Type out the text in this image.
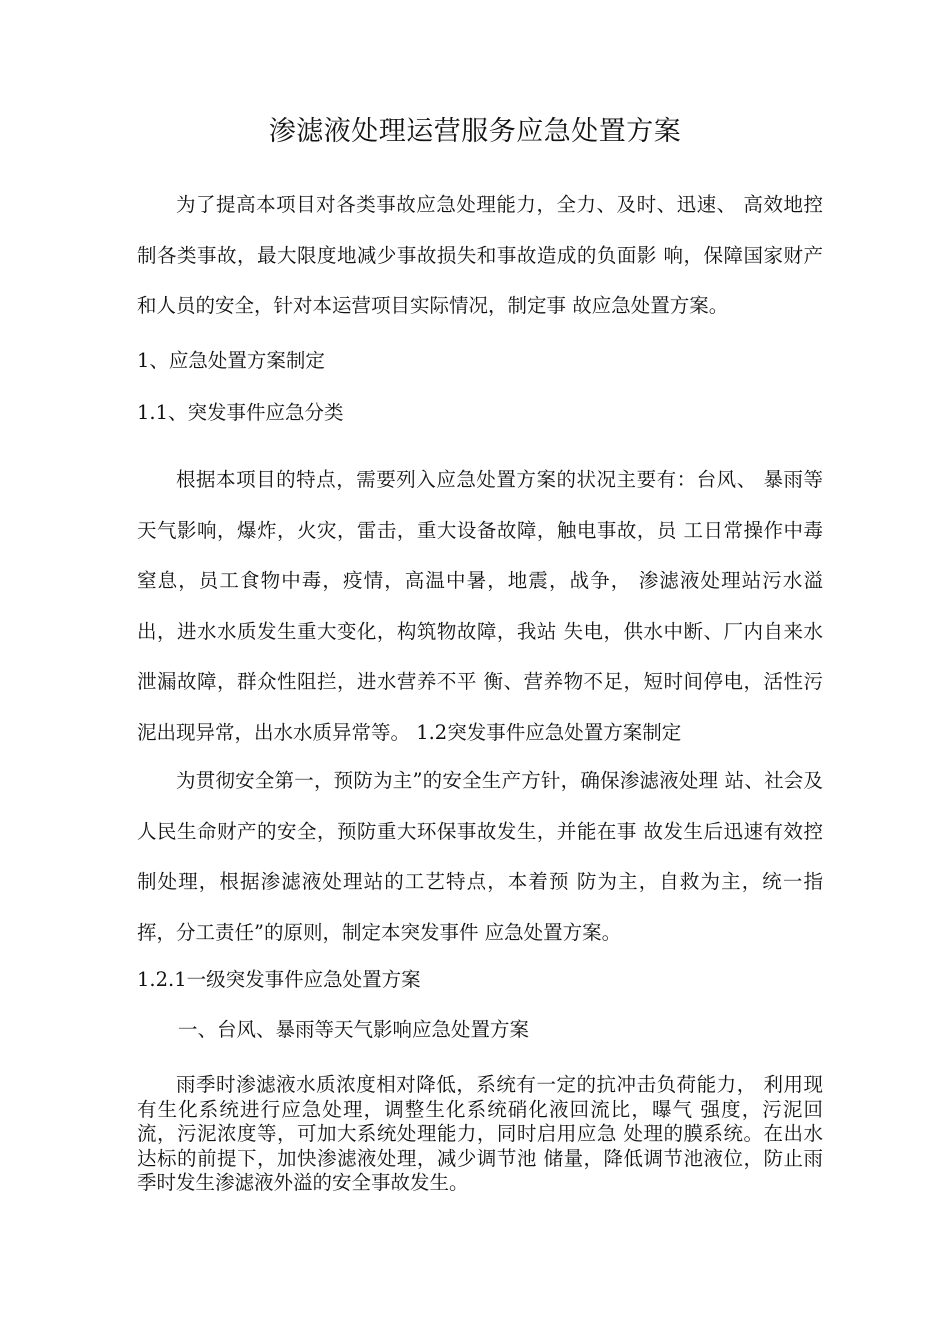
渗滤液处理运营服务应急处置方案

为了提高本项目对各类事故应急处理能力，全力、及时、迅速、 高效地控制各类事故，最大限度地减少事故损失和事故造成的负面影 响，保障国家财产和人员的安全，针对本运营项目实际情况，制定事 故应急处置方案。

1、应急处置方案制定
1.1、突发事件应急分类

根据本项目的特点，需要列入应急处置方案的状况主要有：台风、 暴雨等天气影响，爆炸，火灾，雷击，重大设备故障，触电事故，员 工日常操作中毒窒息，员工食物中毒，疫情，高温中暑，地震，战争， 渗滤液处理站污水溢出，进水水质发生重大变化，构筑物故障，我站 失电，供水中断、厂内自来水泄漏故障，群众性阻拦，进水营养不平 衡、营养物不足，短时间停电，活性污泥出现异常，出水水质异常等。 1.2突发事件应急处置方案制定

为贯彻安全第一，预防为主”的安全生产方针，确保渗滤液处理 站、社会及人民生命财产的安全，预防重大环保事故发生，并能在事 故发生后迅速有效控制处理，根据渗滤液处理站的工艺特点，本着预 防为主，自救为主，统一指挥，分工责任”的原则，制定本突发事件 应急处置方案。

1.2.1一级突发事件应急处置方案
一、台风、暴雨等天气影响应急处置方案

雨季时渗滤液水质浓度相对降低，系统有一定的抗冲击负荷能力， 利用现有生化系统进行应急处理，调整生化系统硝化液回流比，曝气 强度，污泥回流，污泥浓度等，可加大系统处理能力，同时启用应急 处理的膜系统。在出水达标的前提下，加快渗滤液处理，减少调节池 储量，降低调节池液位，防止雨季时发生渗滤液外溢的安全事故发生。
